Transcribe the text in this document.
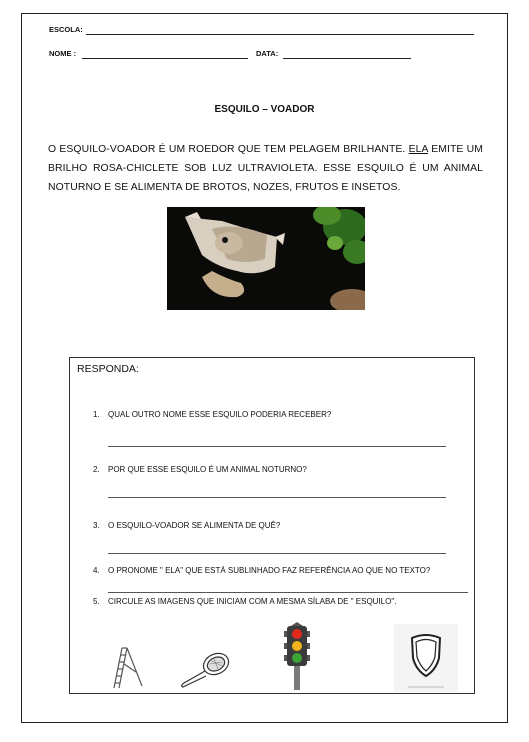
ESCOLA:
NOME :	DATA:
ESQUILO – VOADOR
O ESQUILO-VOADOR É UM ROEDOR QUE TEM PELAGEM BRILHANTE. ELA EMITE UM BRILHO ROSA-CHICLETE SOB LUZ ULTRAVIOLETA. ESSE ESQUILO É UM ANIMAL NOTURNO E SE ALIMENTA DE BROTOS, NOZES, FRUTOS E INSETOS.
RESPONDA:
1. QUAL OUTRO NOME ESSE ESQUILO PODERIA RECEBER?
2. POR QUE ESSE ESQUILO É UM ANIMAL NOTURNO?
3. O ESQUILO-VOADOR SE ALIMENTA DE QUÊ?
4. O PRONOME " ELA" QUE ESTÁ SUBLINHADO FAZ REFERÊNCIA AO QUE NO TEXTO?
5. CIRCULE AS IMAGENS QUE INICIAM COM A MESMA SÍLABA DE " ESQUILO".
